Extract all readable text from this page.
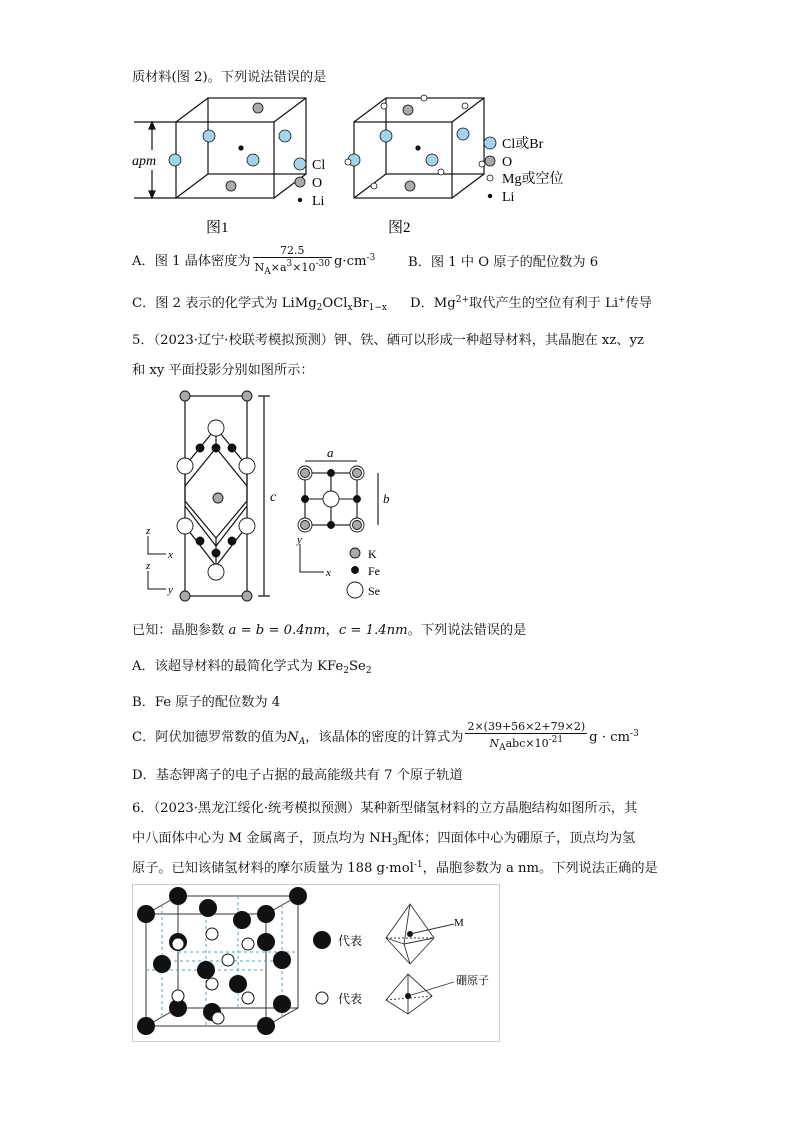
质材料(图 2)。下列说法错误的是
apm	Cl
O
Li
图1	图2
Cl或Br
O
Mg或空位
Li
A．图 1 晶体密度为 $\frac{72.5}{N_A\times a^3\times 10^{-30}} g\cdot cm^{-3}$ B．图 1 中 O 原子的配位数为 6
C．图 2 表示的化学式为 $LiMg_2OCl_xBr_{1-x}$ D．$Mg^{2+}$取代产生的空位有利于 Li+传导
5．（2023·辽宁·校联考模拟预测）钾、铁、硒可以形成一种超导材料，其晶胞在 xz、yz
和 xy 平面投影分别如图所示：
c
z
x
z
y
a
b
y
x
K
Fe
Se
已知：晶胞参数 a = b = 0.4nm，c = 1.4nm。下列说法错误的是
A．该超导材料的最简化学式为 $KFe_2Se_2$
B．Fe 原子的配位数为 4
C．阿伏加德罗常数的值为$N_A$，该晶体的密度的计算式为 $\frac{2\times(39+56\times 2+79\times 2)}{N_Aabc\times 10^{-21}}$ $g \cdot cm^{-3}$
D．基态钾离子的电子占据的最高能级共有 7 个原子轨道
6．（2023·黑龙江绥化·统考模拟预测）某种新型储氢材料的立方晶胞结构如图所示，其
中八面体中心为 M 金属离子，顶点均为 $NH_3$配体；四面体中心为硼原子，顶点均为氢
原子。已知该储氢材料的摩尔质量为 188 g·mol$^{-1}$，晶胞参数为 a nm。下列说法正确的是
代表
代表
M
硼原子
